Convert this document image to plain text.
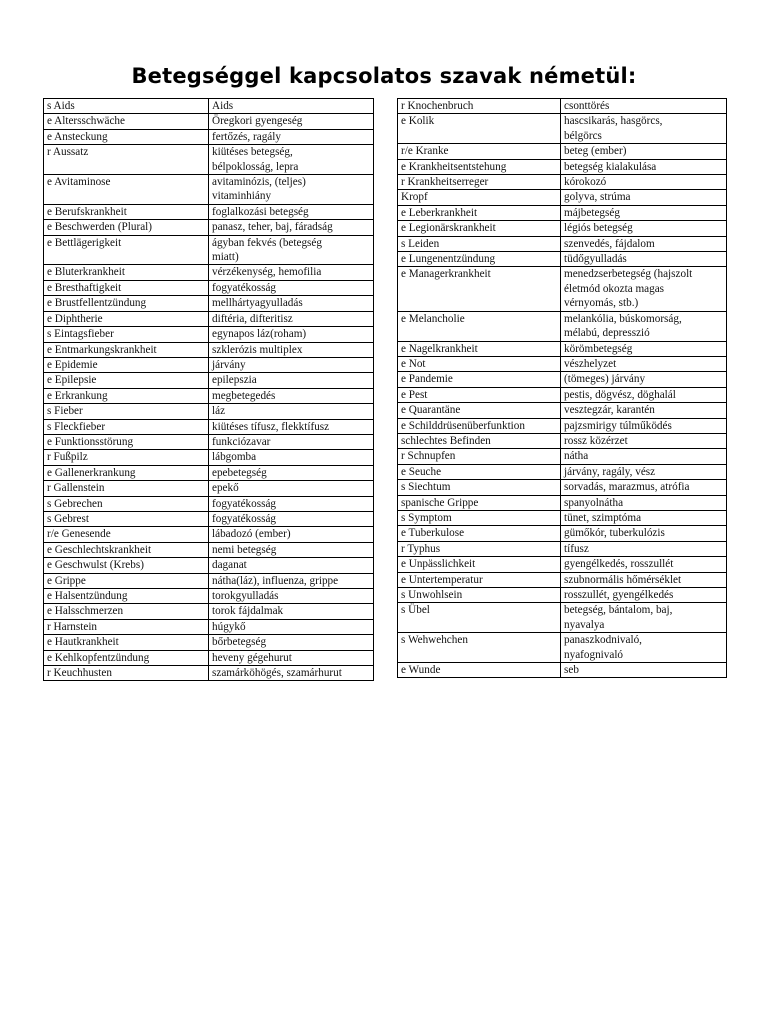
Betegséggel kapcsolatos szavak németül:
s Aids	Aids
e Altersschwäche	Öregkori gyengeség
e Ansteckung	fertőzés, ragály
r Aussatz	kiütéses betegség,
bélpoklosság, lepra
e Avitaminose	avitaminózis, (teljes)
vitaminhiány
e Berufskrankheit	foglalkozási betegség
e Beschwerden (Plural)	panasz, teher, baj, fáradság
e Bettlägerigkeit	ágyban fekvés (betegség
miatt)
e Bluterkrankheit	vérzékenység, hemofilia
e Bresthaftigkeit	fogyatékosság
e Brustfellentzündung	mellhártyagyulladás
e Diphtherie	diftéria, difteritisz
s Eintagsfieber	egynapos láz(roham)
e Entmarkungskrankheit	szklerózis multiplex
e Epidemie	járvány
e Epilepsie	epilepszia
e Erkrankung	megbetegedés
s Fieber	láz
s Fleckfieber	kiütéses tífusz, flekktífusz
e Funktionsstörung	funkciózavar
r Fußpilz	lábgomba
e Gallenerkrankung	epebetegség
r Gallenstein	epekő
s Gebrechen	fogyatékosság
s Gebrest	fogyatékosság
r/e Genesende	lábadozó (ember)
e Geschlechtskrankheit	nemi betegség
e Geschwulst (Krebs)	daganat
e Grippe	nátha(láz), influenza, grippe
e Halsentzündung	torokgyulladás
e Halsschmerzen	torok fájdalmak
r Harnstein	húgykő
e Hautkrankheit	bőrbetegség
e Kehlkopfentzündung	heveny gégehurut
r Keuchhusten	szamárköhögés, szamárhurut
r Knochenbruch	csonttörés
e Kolik	hascsikarás, hasgörcs,
bélgörcs
r/e Kranke	beteg (ember)
e Krankheitsentstehung	betegség kialakulása
r Krankheitserreger	kórokozó
Kropf	golyva, strúma
e Leberkrankheit	májbetegség
e Legionärskrankheit	légiós betegség
s Leiden	szenvedés, fájdalom
e Lungenentzündung	tüdőgyulladás
e Managerkrankheit	menedzserbetegség (hajszolt
életmód okozta magas
vérnyomás, stb.)
e Melancholie	melankólia, búskomorság,
mélabú, depresszió
e Nagelkrankheit	körömbetegség
e Not	vészhelyzet
e Pandemie	(tömeges) járvány
e Pest	pestis, dögvész, döghalál
e Quarantäne	vesztegzár, karantén
e Schilddrüsenüberfunktion	pajzsmirigy túlműködés
schlechtes Befinden	rossz közérzet
r Schnupfen	nátha
e Seuche	járvány, ragály, vész
s Siechtum	sorvadás, marazmus, atrófia
spanische Grippe	spanyolnátha
s Symptom	tünet, szimptóma
e Tuberkulose	gümőkór, tuberkulózis
r Typhus	tífusz
e Unpässlichkeit	gyengélkedés, rosszullét
e Untertemperatur	szubnormális hőmérséklet
s Unwohlsein	rosszullét, gyengélkedés
s Übel	betegség, bántalom, baj,
nyavalya
s Wehwehchen	panaszkodnivaló,
nyafognivaló
e Wunde	seb
